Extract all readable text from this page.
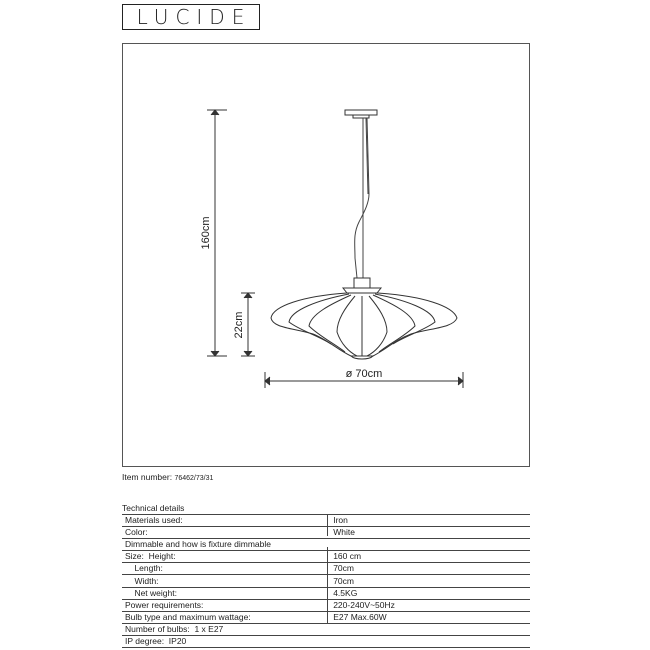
LUCIDE
160cm
22cm
ø 70cm
Item number: 76462/73/31
Technical details
Materials used:	Iron
Color:	White
Dimmable and how is fixture dimmable	
Size:  Height:	160 cm
Length:	70cm
Width:	70cm
Net weight:	4.5KG
Power requirements:	220-240V~50Hz
Bulb type and maximum wattage:	E27 Max.60W
Number of bulbs:  1 x E27	
IP degree:  IP20	
